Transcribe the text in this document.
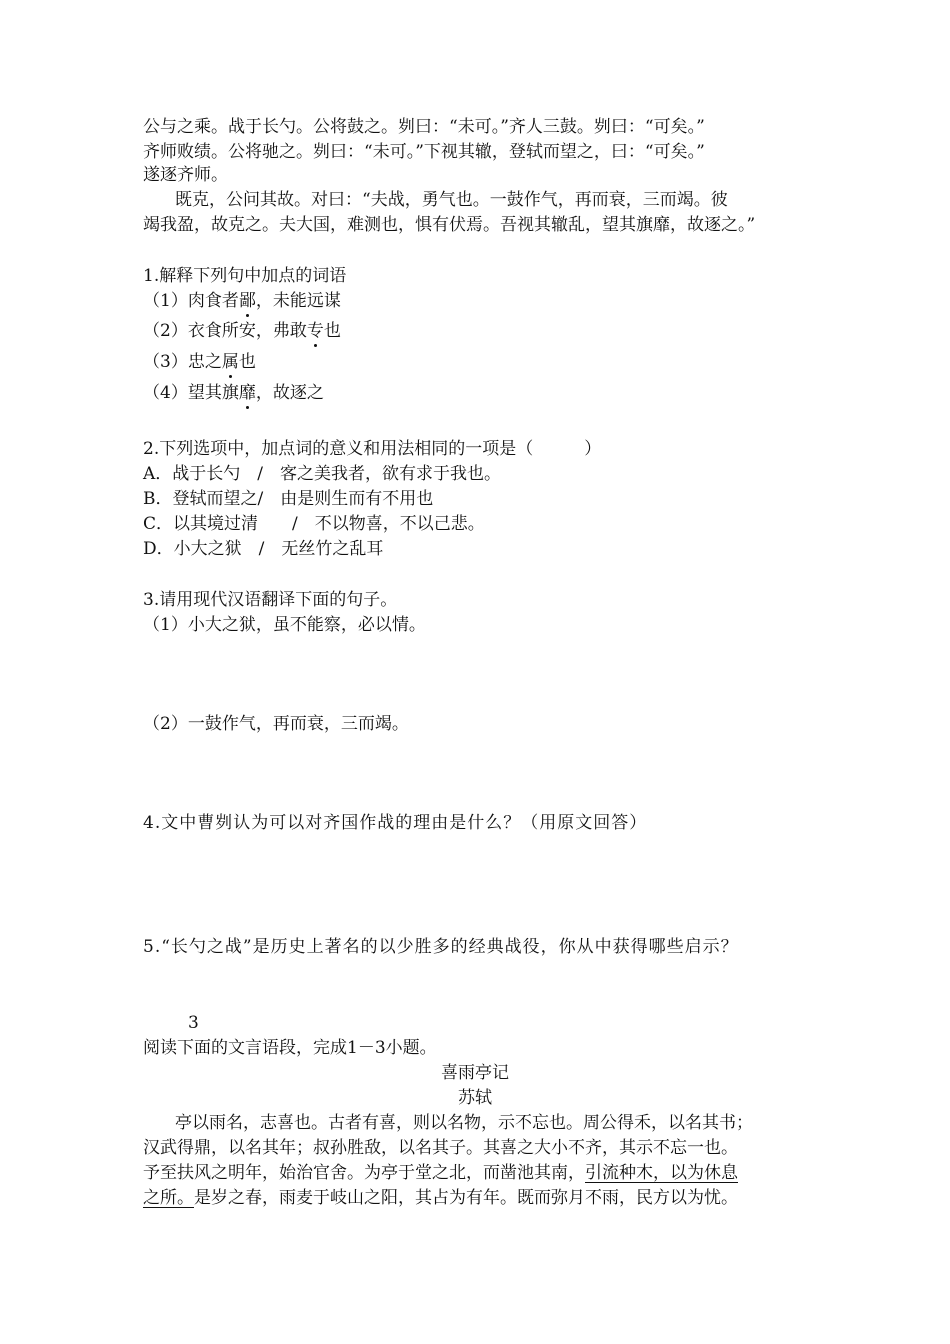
公与之乘。战于长勺。公将鼓之。刿曰：“未可。”齐人三鼓。刿曰：“可矣。”
齐师败绩。公将驰之。刿曰：“未可。”下视其辙，登轼而望之，曰：“可矣。”
遂逐齐师。
既克，公问其故。对曰：“夫战，勇气也。一鼓作气，再而衰，三而竭。彼
竭我盈，故克之。夫大国，难测也，惧有伏焉。吾视其辙乱，望其旗靡，故逐之。”
1.解释下列句中加点的词语
（1）肉食者鄙，未能远谋
（2）衣食所安，弗敢专也
（3）忠之属也
（4）望其旗靡，故逐之
2.下列选项中，加点词的意义和用法相同的一项是（　　　）
A．战于长勺　/　客之美我者，欲有求于我也。
B．登轼而望之/　由是则生而有不用也
C．以其境过清　　/　不以物喜，不以己悲。
D．小大之狱　/　无丝竹之乱耳
3.请用现代汉语翻译下面的句子。
（1）小大之狱，虽不能察，必以情。
（2）一鼓作气，再而衰，三而竭。
4.文中曹刿认为可以对齐国作战的理由是什么？（用原文回答）
5.“长勺之战”是历史上著名的以少胜多的经典战役，你从中获得哪些启示？
3
阅读下面的文言语段，完成1－3小题。
喜雨亭记
苏轼
亭以雨名，志喜也。古者有喜，则以名物，示不忘也。周公得禾，以名其书；
汉武得鼎，以名其年；叔孙胜敌，以名其子。其喜之大小不齐，其示不忘一也。
予至扶风之明年，始治官舍。为亭于堂之北，而凿池其南，引流种木，以为休息
之所。是岁之春，雨麦于岐山之阳，其占为有年。既而弥月不雨，民方以为忧。
